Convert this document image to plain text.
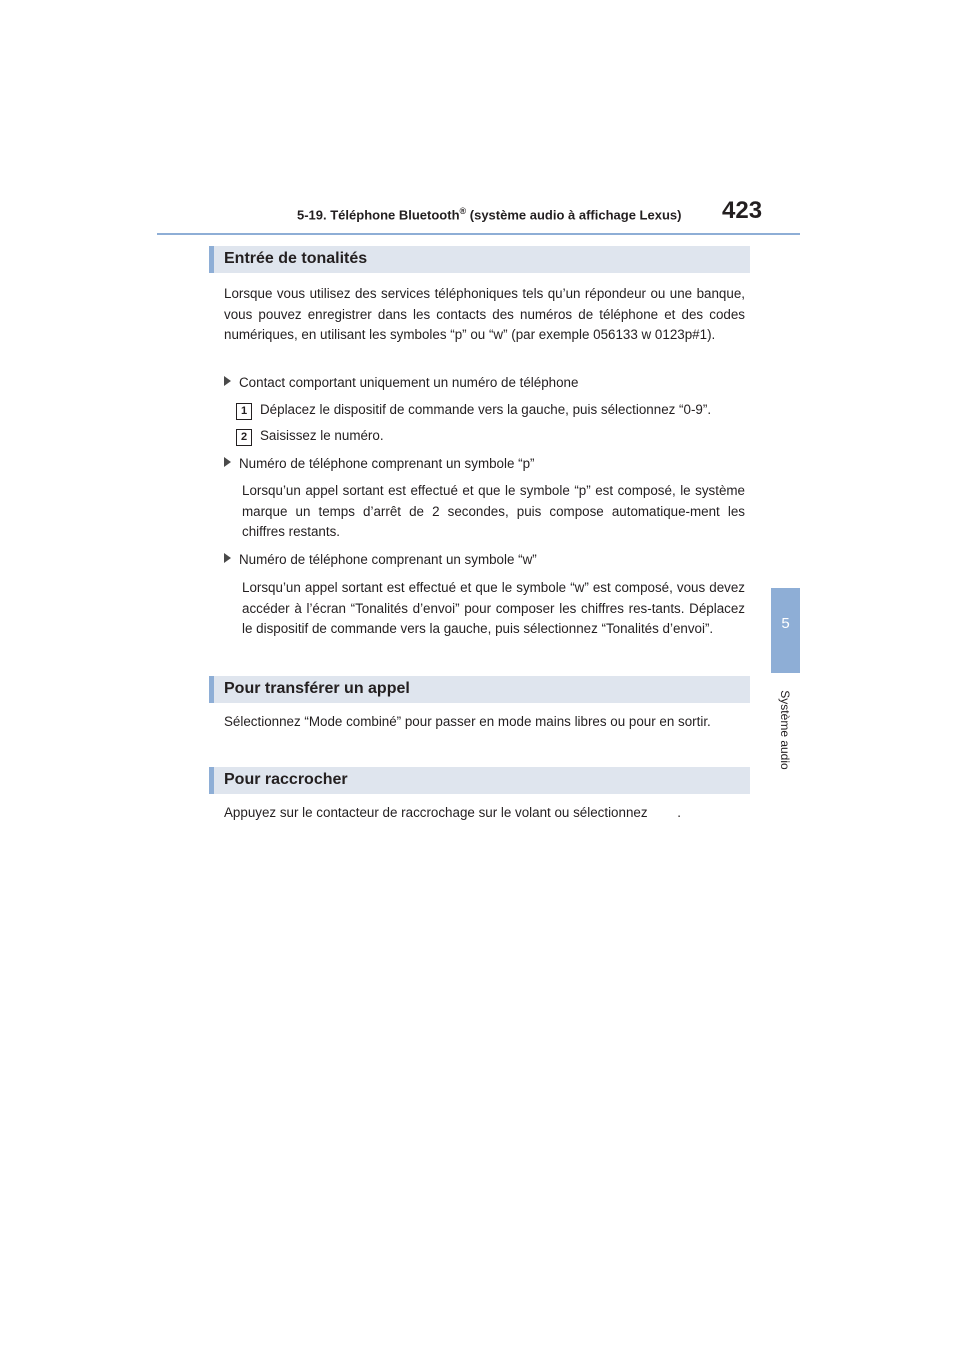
5-19. Téléphone Bluetooth® (système audio à affichage Lexus) 423
5
Système audio
Entrée de tonalités

Lorsque vous utilisez des services téléphoniques tels qu’un répondeur ou une banque, vous pouvez enregistrer dans les contacts des numéros de téléphone et des codes numériques, en utilisant les symboles “p” ou “w” (par exemple 056133 w 0123p#1).

Contact comportant uniquement un numéro de téléphone
1 Déplacez le dispositif de commande vers la gauche, puis sélectionnez “0-9”.
2 Saisissez le numéro.
Numéro de téléphone comprenant un symbole “p”

Lorsqu’un appel sortant est effectué et que le symbole “p” est composé, le système marque un temps d’arrêt de 2 secondes, puis compose automatique-ment les chiffres restants.

Numéro de téléphone comprenant un symbole “w”

Lorsqu’un appel sortant est effectué et que le symbole “w” est composé, vous devez accéder à l’écran “Tonalités d’envoi” pour composer les chiffres res-tants. Déplacez le dispositif de commande vers la gauche, puis sélectionnez “Tonalités d’envoi”.

Pour transférer un appel

Sélectionnez “Mode combiné” pour passer en mode mains libres ou pour en sortir.

Pour raccrocher

Appuyez sur le contacteur de raccrochage sur le volant ou sélectionnez        .
